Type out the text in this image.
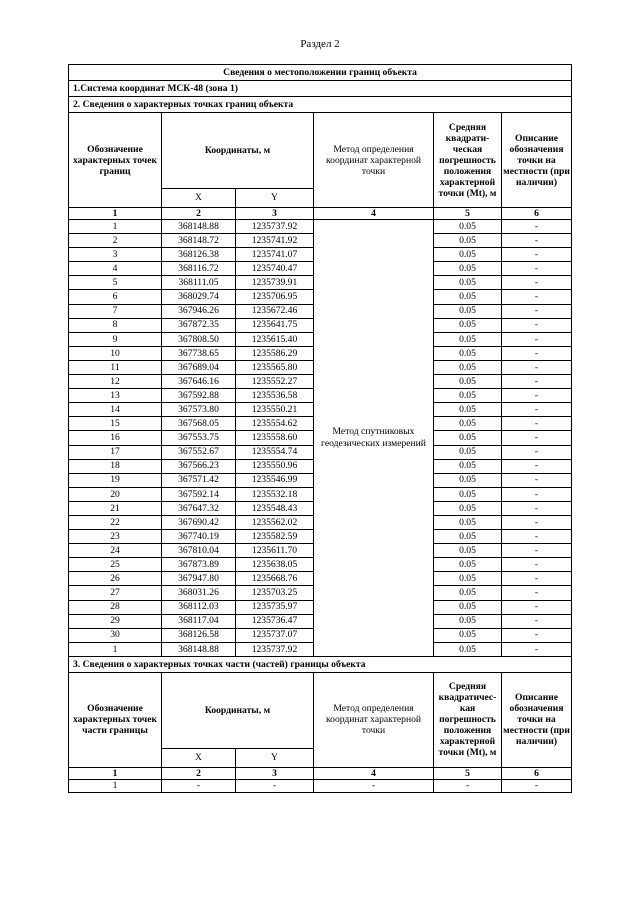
Раздел 2
Сведения о местоположении границ объекта					
1.Система координат МСК-48 (зона 1)					
2. Сведения о характерных точках границ объекта					
Обозначение характерных точек границ	Координаты, м		Метод определения координат характерной точки	Средняя квадрати-ческая погрешность положения характерной точки (Mt), м	Описание обозначения точки на местности (при наличии)
	X	Y			
1	2	3	4	5	6
1	368148.88	1235737.92	Метод спутниковых геодезических измерений	0.05	-
2	368148.72	1235741.92		0.05	-
3	368126.38	1235741.07		0.05	-
4	368116.72	1235740.47		0.05	-
5	368111.05	1235739.91		0.05	-
6	368029.74	1235706.95		0.05	-
7	367946.26	1235672.46		0.05	-
8	367872.35	1235641.75		0.05	-
9	367808.50	1235615.40		0.05	-
10	367738.65	1235586.29		0.05	-
11	367689.04	1235565.80		0.05	-
12	367646.16	1235552.27		0.05	-
13	367592.88	1235536.58		0.05	-
14	367573.80	1235550.21		0.05	-
15	367568.05	1235554.62		0.05	-
16	367553.75	1235558.60		0.05	-
17	367552.67	1235554.74		0.05	-
18	367566.23	1235550.96		0.05	-
19	367571.42	1235546.99		0.05	-
20	367592.14	1235532.18		0.05	-
21	367647.32	1235548.43		0.05	-
22	367690.42	1235562.02		0.05	-
23	367740.19	1235582.59		0.05	-
24	367810.04	1235611.70		0.05	-
25	367873.89	1235638.05		0.05	-
26	367947.80	1235668.76		0.05	-
27	368031.26	1235703.25		0.05	-
28	368112.03	1235735.97		0.05	-
29	368117.04	1235736.47		0.05	-
30	368126.58	1235737.07		0.05	-
1	368148.88	1235737.92		0.05	-
3. Сведения о характерных точках части (частей) границы объекта					
Обозначение характерных точек части границы	Координаты, м		Метод определения координат характерной точки	Средняя квадратичес-кая погрешность положения характерной точки (Mt), м	Описание обозначения точки на местности (при наличии)
	X	Y			
1	2	3	4	5	6
1	-	-	-	-	-
